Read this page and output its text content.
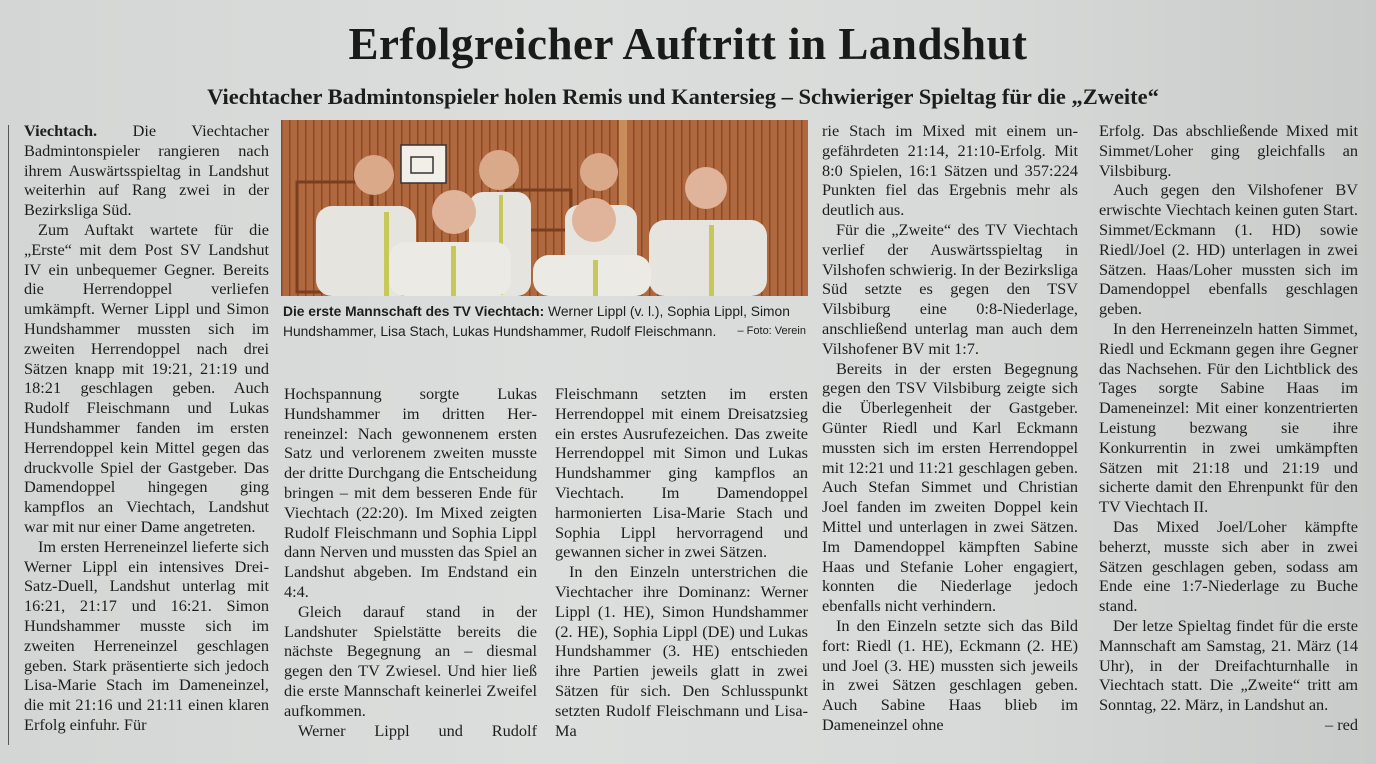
Erfolgreicher Auftritt in Landshut
Viechtacher Badmintonspieler holen Remis und Kantersieg – Schwieriger Spieltag für die „Zweite“

Viechtach. Die Viechtacher Badmintonspieler rangieren nach ihrem Auswärtsspieltag in Landshut weiterhin auf Rang zwei in der Bezirksliga Süd.

Zum Auftakt wartete für die „Erste“ mit dem Post SV Landshut IV ein unbequemer Gegner. Bereits die Herrendoppel verliefen umkämpft. Werner Lippl und Simon Hundshammer mussten sich im zweiten Herrendoppel nach drei Sätzen knapp mit 19:21, 21:19 und 18:21 geschlagen geben. Auch Rudolf Fleischmann und Lukas Hundshammer fanden im ersten Herrendoppel kein Mittel gegen das druckvolle Spiel der Gastgeber. Das Damendoppel hingegen ging kampflos an Viechtach, Landshut war mit nur einer Dame angetreten.

Im ersten Herreneinzel lieferte sich Werner Lippl ein intensives Drei-Satz-Duell, Landshut unterlag mit 16:21, 21:17 und 16:21. Simon Hundshammer musste sich im zweiten Herreneinzel geschlagen geben. Stark präsentierte sich jedoch Lisa-Marie Stach im Dameneinzel, die mit 21:16 und 21:11 einen klaren Erfolg einfuhr. Für

Die erste Mannschaft des TV Viechtach: Werner Lippl (v. l.), Sophia Lippl, Simon Hundshammer, Lisa Stach, Lukas Hundshammer, Rudolf Fleischmann. – Foto: Verein

Hochspannung sorgte Lukas Hundshammer im dritten Herreneinzel: Nach gewonnenem ersten Satz und verlorenem zweiten musste der dritte Durchgang die Entscheidung bringen – mit dem besseren Ende für Viechtach (22:20). Im Mixed zeigten Rudolf Fleischmann und Sophia Lippl dann Nerven und mussten das Spiel an Landshut abgeben. Im Endstand ein 4:4.

Gleich darauf stand in der Landshuter Spielstätte bereits die nächste Begegnung an – diesmal gegen den TV Zwiesel. Und hier ließ die erste Mannschaft keinerlei Zweifel aufkommen.

Werner Lippl und Rudolf

Fleischmann setzten im ersten Herrendoppel mit einem Dreisatzsieg ein erstes Ausrufezeichen. Das zweite Herrendoppel mit Simon und Lukas Hundshammer ging kampflos an Viechtach. Im Damendoppel harmonierten Lisa-Marie Stach und Sophia Lippl hervorragend und gewannen sicher in zwei Sätzen.

In den Einzeln unterstrichen die Viechtacher ihre Dominanz: Werner Lippl (1. HE), Simon Hundshammer (2. HE), Sophia Lippl (DE) und Lukas Hundshammer (3. HE) entschieden ihre Partien jeweils glatt in zwei Sätzen für sich. Den Schlusspunkt setzten Rudolf Fleischmann und Lisa-Ma

rie Stach im Mixed mit einem ungefährdeten 21:14, 21:10-Erfolg. Mit 8:0 Spielen, 16:1 Sätzen und 357:224 Punkten fiel das Ergebnis mehr als deutlich aus.

Für die „Zweite“ des TV Viechtach verlief der Auswärtsspieltag in Vilshofen schwierig. In der Bezirksliga Süd setzte es gegen den TSV Vilsbiburg eine 0:8-Niederlage, anschließend unterlag man auch dem Vilshofener BV mit 1:7.

Bereits in der ersten Begegnung gegen den TSV Vilsbiburg zeigte sich die Überlegenheit der Gastgeber. Günter Riedl und Karl Eckmann mussten sich im ersten Herrendoppel mit 12:21 und 11:21 geschlagen geben. Auch Stefan Simmet und Christian Joel fanden im zweiten Doppel kein Mittel und unterlagen in zwei Sätzen. Im Damendoppel kämpften Sabine Haas und Stefanie Loher engagiert, konnten die Niederlage jedoch ebenfalls nicht verhindern.

In den Einzeln setzte sich das Bild fort: Riedl (1. HE), Eckmann (2. HE) und Joel (3. HE) mussten sich jeweils in zwei Sätzen geschlagen geben. Auch Sabine Haas blieb im Dameneinzel ohne

Erfolg. Das abschließende Mixed mit Simmet/Loher ging gleichfalls an Vilsbiburg.

Auch gegen den Vilshofener BV erwischte Viechtach keinen guten Start. Simmet/Eckmann (1. HD) sowie Riedl/Joel (2. HD) unterlagen in zwei Sätzen. Haas/Loher mussten sich im Damendoppel ebenfalls geschlagen geben.

In den Herreneinzeln hatten Simmet, Riedl und Eckmann gegen ihre Gegner das Nachsehen. Für den Lichtblick des Tages sorgte Sabine Haas im Dameneinzel: Mit einer konzentrierten Leistung bezwang sie ihre Konkurrentin in zwei umkämpften Sätzen mit 21:18 und 21:19 und sicherte damit den Ehrenpunkt für den TV Viechtach II.

Das Mixed Joel/Loher kämpfte beherzt, musste sich aber in zwei Sätzen geschlagen geben, sodass am Ende eine 1:7-Niederlage zu Buche stand.

Der letze Spieltag findet für die erste Mannschaft am Samstag, 21. März (14 Uhr), in der Dreifachturnhalle in Viechtach statt. Die „Zweite“ tritt am Sonntag, 22. März, in Landshut an.
– red
